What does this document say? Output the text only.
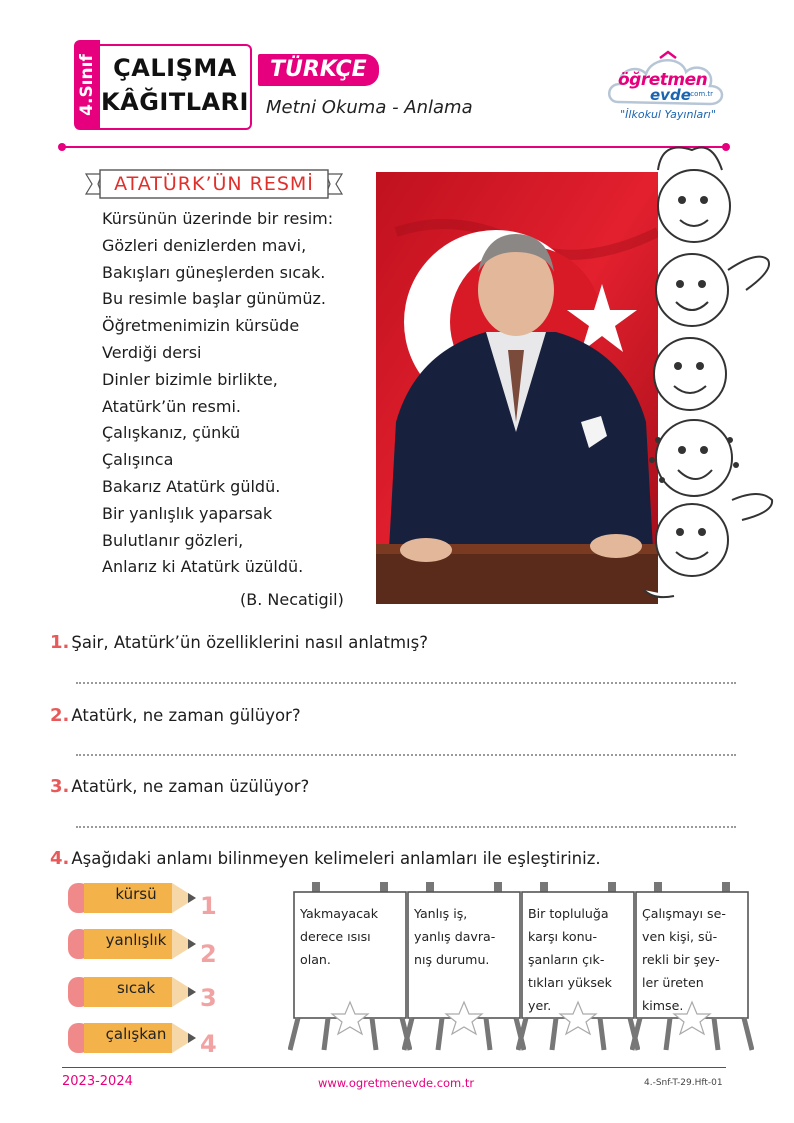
4.Sınıf ÇALIŞMA
KÂĞITLARI
TÜRKÇE
Metni Okuma - Anlama
öğretmen
evde
.com.tr
"İlkokul Yayınları"
ATATÜRK’ÜN RESMİ
Kürsünün üzerinde bir resim:
Gözleri denizlerden mavi,
Bakışları güneşlerden sıcak.
Bu resimle başlar günümüz.
Öğretmenimizin kürsüde
Verdiği dersi
Dinler bizimle birlikte,
Atatürk’ün resmi.
Çalışkanız, çünkü
Çalışınca
Bakarız Atatürk güldü.
Bir yanlışlık yaparsak
Bulutlanır gözleri,
Anlarız ki Atatürk üzüldü.
(B. Necatigil)
1. Şair, Atatürk’ün özelliklerini nasıl anlatmış?
2. Atatürk, ne zaman gülüyor?
3. Atatürk, ne zaman üzülüyor?
4. Aşağıdaki anlamı bilinmeyen kelimeleri anlamları ile eşleştiriniz.
kürsü	1
yanlışlık	2
sıcak	3
çalışkan	4
Yakmayacak
derece ısısı
olan.
Yanlış iş,
yanlış davra-
nış durumu.
Bir topluluğa
karşı konu-
şanların çık-
tıkları yüksek
yer.
Çalışmayı se-
ven kişi, sü-
rekli bir şey-
ler üreten
kimse.
2023-2024	www.ogretmenevde.com.tr	4.-Snf-T-29.Hft-01
